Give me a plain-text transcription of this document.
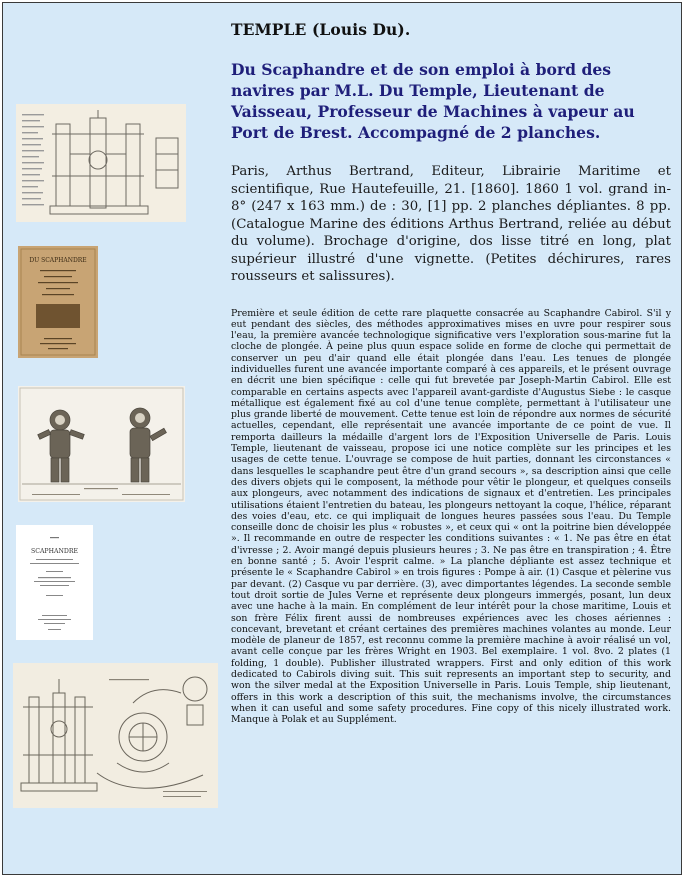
DU SCAPHANDRE
SCAPHANDRE
TEMPLE (Louis Du).
Du Scaphandre et de son emploi à bord des navires par M.L. Du Temple, Lieutenant de Vaisseau, Professeur de Machines à vapeur au Port de Brest. Accompagné de 2 planches.
Paris, Arthus Bertrand, Editeur, Librairie Maritime et scientifique, Rue Hautefeuille, 21. [1860]. 1860 1 vol. grand in-8° (247 x 163 mm.) de : 30, [1] pp. 2 planches dépliantes. 8 pp. (Catalogue Marine des éditions Arthus Bertrand, reliée au début du volume). Brochage d'origine, dos lisse titré en long, plat supérieur illustré d'une vignette. (Petites déchirures, rares rousseurs et salissures).
Première et seule édition de cette rare plaquette consacrée au Scaphandre Cabirol. S'il y eut pendant des siècles, des méthodes approximatives mises en uvre pour respirer sous l'eau, la première avancée technologique significative vers l'exploration sous-marine fut la cloche de plongée. À peine plus quun espace solide en forme de cloche qui permettait de conserver un peu d'air quand elle était plongée dans l'eau. Les tenues de plongée individuelles furent une avancée importante comparé à ces appareils, et le présent ouvrage en décrit une bien spécifique : celle qui fut brevetée par Joseph-Martin Cabirol. Elle est comparable en certains aspects avec l'appareil avant-gardiste d'Augustus Siebe : le casque métallique est également fixé au col d'une tenue complète, permettant à l'utilisateur une plus grande liberté de mouvement. Cette tenue est loin de répondre aux normes de sécurité actuelles, cependant, elle représentait une avancée importante de ce point de vue. Il remporta dailleurs la médaille d'argent lors de l'Exposition Universelle de Paris. Louis Temple, lieutenant de vaisseau, propose ici une notice complète sur les principes et les usages de cette tenue. L'ouvrage se compose de huit parties, donnant les circonstances « dans lesquelles le scaphandre peut être d'un grand secours », sa description ainsi que celle des divers objets qui le composent, la méthode pour vêtir le plongeur, et quelques conseils aux plongeurs, avec notamment des indications de signaux et d'entretien. Les principales utilisations étaient l'entretien du bateau, les plongeurs nettoyant la coque, l'hélice, réparant des voies d'eau, etc. ce qui impliquait de longues heures passées sous l'eau. Du Temple conseille donc de choisir les plus « robustes », et ceux qui « ont la poitrine bien développée ». Il recommande en outre de respecter les conditions suivantes : « 1. Ne pas être en état d'ivresse ; 2. Avoir mangé depuis plusieurs heures ; 3. Ne pas être en transpiration ; 4. Être en bonne santé ; 5. Avoir l'esprit calme. » La planche dépliante est assez technique et présente le « Scaphandre Cabirol » en trois figures : Pompe à air. (1) Casque et pèlerine vus par devant. (2) Casque vu par derrière. (3), avec dimportantes légendes. La seconde semble tout droit sortie de Jules Verne et représente deux plongeurs immergés, posant, lun deux avec une hache à la main. En complément de leur intérêt pour la chose maritime, Louis et son frère Félix firent aussi de nombreuses expériences avec les choses aériennes : concevant, brevetant et créant certaines des premières machines volantes au monde. Leur modèle de planeur de 1857, est reconnu comme la première machine à avoir réalisé un vol, avant celle conçue par les frères Wright en 1903. Bel exemplaire. 1 vol. 8vo. 2 plates (1 folding, 1 double). Publisher illustrated wrappers. First and only edition of this work dedicated to Cabirols diving suit. This suit represents an important step to security, and won the silver medal at the Exposition Universelle in Paris. Louis Temple, ship lieutenant, offers in this work a description of this suit, the mechanisms involve, the circumstances when it can useful and some safety procedures. Fine copy of this nicely illustrated work. Manque à Polak et au Supplément.
